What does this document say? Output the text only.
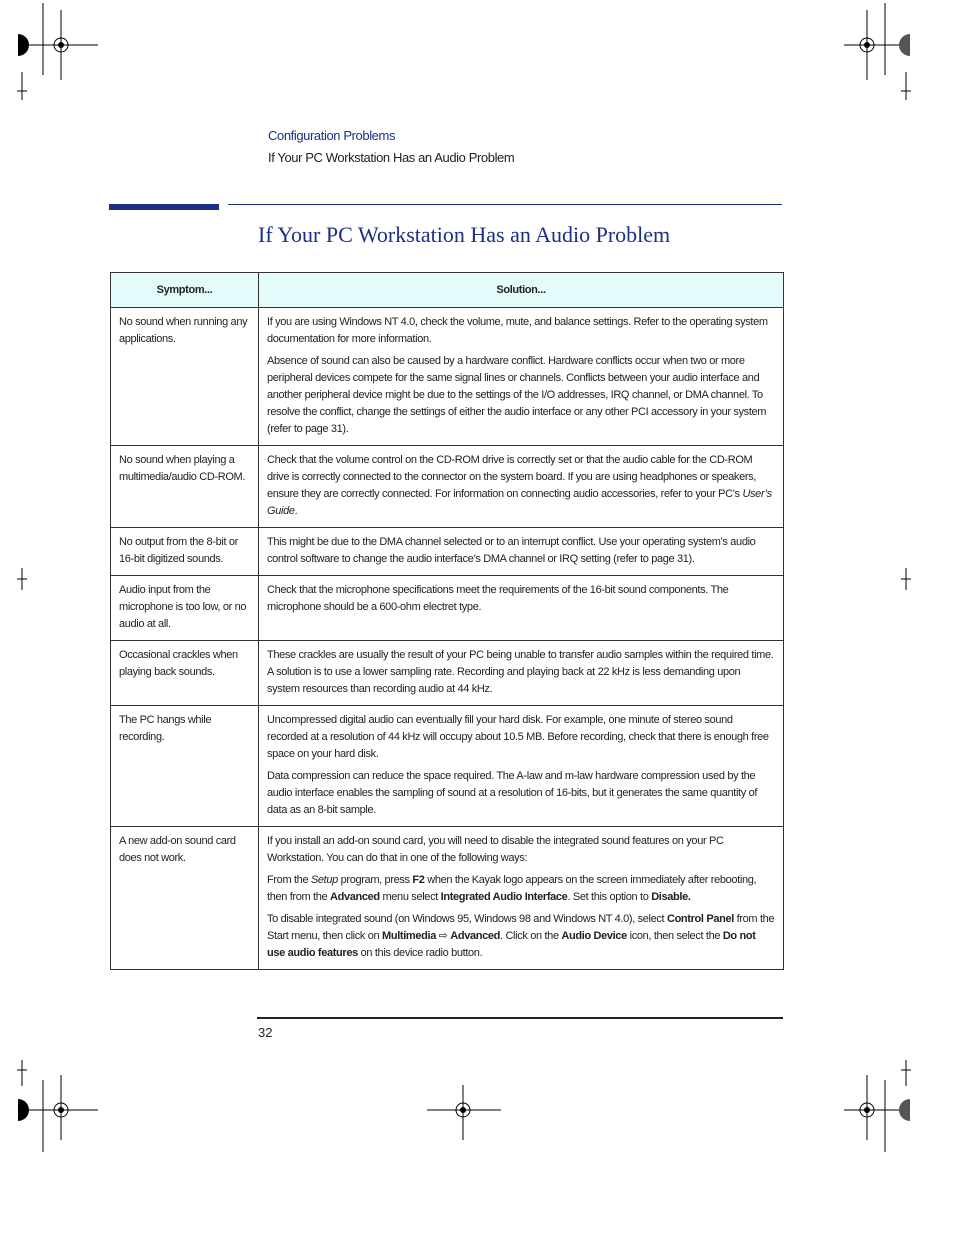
Configuration Problems
If Your PC Workstation Has an Audio Problem
If Your PC Workstation Has an Audio Problem
Symptom...	Solution...
No sound when running any applications.	If you are using Windows NT 4.0, check the volume, mute, and balance settings. Refer to the operating system documentation for more information.

Absence of sound can also be caused by a hardware conflict. Hardware conflicts occur when two or more peripheral devices compete for the same signal lines or channels. Conflicts between your audio interface and another peripheral device might be due to the settings of the I/O addresses, IRQ channel, or DMA channel. To resolve the conflict, change the settings of either the audio interface or any other PCI accessory in your system (refer to page 31).

No sound when playing a multimedia/audio CD-ROM.	Check that the volume control on the CD-ROM drive is correctly set or that the audio cable for the CD-ROM drive is correctly connected to the connector on the system board. If you are using headphones or speakers, ensure they are correctly connected. For information on connecting audio accessories, refer to your PC’s User’s Guide.

No output from the 8-bit or 16-bit digitized sounds.	This might be due to the DMA channel selected or to an interrupt conflict. Use your operating system’s audio control software to change the audio interface’s DMA channel or IRQ setting (refer to page 31).

Audio input from the microphone is too low, or no audio at all.	Check that the microphone specifications meet the requirements of the 16-bit sound components. The microphone should be a 600-ohm electret type.

Occasional crackles when playing back sounds.	These crackles are usually the result of your PC being unable to transfer audio samples within the required time. A solution is to use a lower sampling rate. Recording and playing back at 22 kHz is less demanding upon system resources than recording audio at 44 kHz.

The PC hangs while recording.	Uncompressed digital audio can eventually fill your hard disk. For example, one minute of stereo sound recorded at a resolution of 44 kHz will occupy about 10.5 MB. Before recording, check that there is enough free space on your hard disk.

Data compression can reduce the space required. The A-law and m-law hardware compression used by the audio interface enables the sampling of sound at a resolution of 16-bits, but it generates the same quantity of data as an 8-bit sample.

A new add-on sound card does not work.	If you install an add-on sound card, you will need to disable the integrated sound features on your PC Workstation. You can do that in one of the following ways:

From the Setup program, press F2 when the Kayak logo appears on the screen immediately after rebooting, then from the Advanced menu select Integrated Audio Interface. Set this option to Disable.

To disable integrated sound (on Windows 95, Windows 98 and Windows NT 4.0), select Control Panel from the Start menu, then click on Multimedia ⇨ Advanced. Click on the Audio Device icon, then select the Do not use audio features on this device radio button.

32
